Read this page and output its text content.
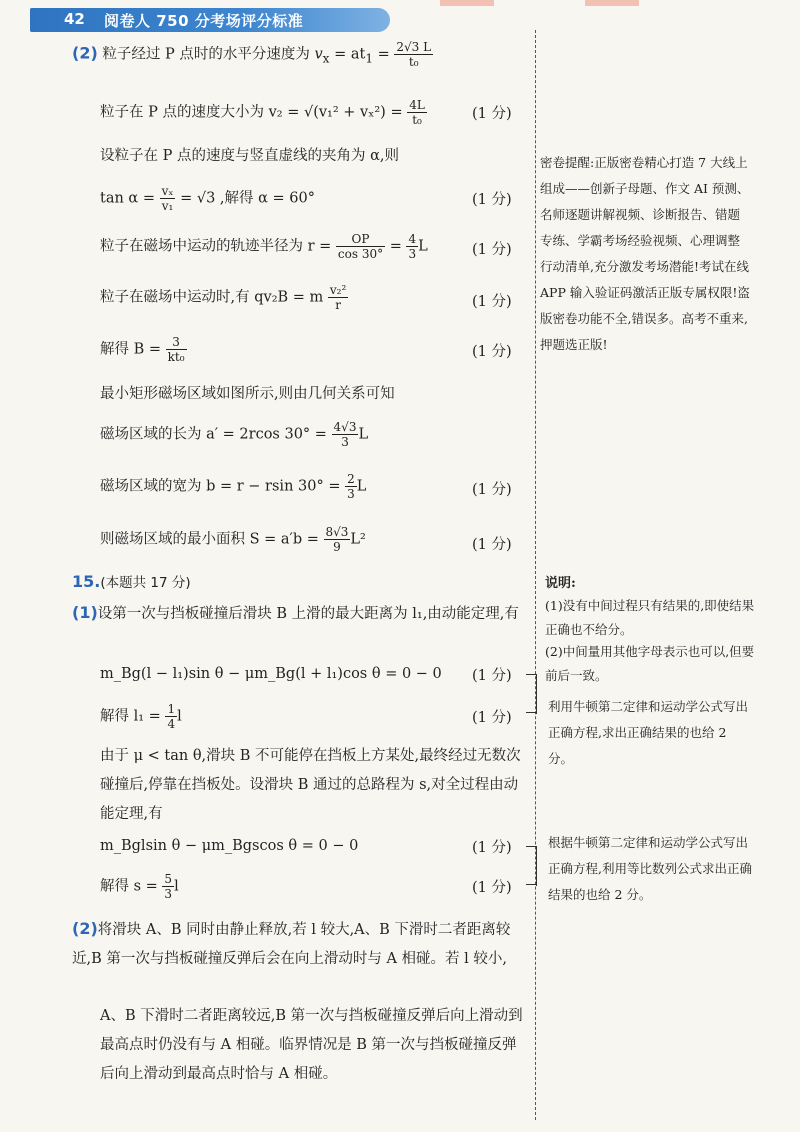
42 阅卷人 750 分考场评分标准
(2) 粒子经过 P 点时的水平分速度为 $v_x = at_1 = \frac{2√3 L}{\text{t₀}}$
粒子在 P 点的速度大小为 $v_2 = √(v_1^2 + v_x^2) = \frac{4L}{\text{t₀}}$	(1 分)
设粒子在 P 点的速度与竖直虚线的夹角为 α,则
$\tan \alpha = \frac{\text{vₓ}}{\text{v₁}} = √3$ ,解得 α = 60°	(1 分)
粒子在磁场中运动的轨迹半径为 $r = \frac{OP}{\cos 30^\circ} = \frac{4}{3}$ L	(1 分)
粒子在磁场中运动时,有 qv₂B = m $\frac{\text{v₂²}}{r}$	(1 分)
解得 $B = \frac{3}{\text{kt₀}}$	(1 分)
最小矩形磁场区域如图所示,则由几何关系可知
磁场区域的长为 a′ = 2rcos $30^\circ = \frac{4√3}{3}$ L
磁场区域的宽为 b = r − rsin $30^\circ = \frac{2}{3}$ L	(1 分)
则磁场区域的最小面积 $S = a'b = \frac{8√3}{9} L^2$	(1 分)
密卷提醒:正版密卷精心打造 7 大线上组成——创新子母题、作文 AI 预测、名师逐题讲解视频、诊断报告、错题专练、学霸考场经验视频、心理调整行动清单,充分激发考场潜能!考试在线 APP 输入验证码激活正版专属权限!盗版密卷功能不全,错误多。高考不重来,押题选正版!
15.(本题共 17 分)
(1)设第一次与挡板碰撞后滑块 B 上滑的最大距离为 l₁,由动能定理,有
m_Bg(l − l₁)sin θ − μm_Bg(l + l₁)cos θ = 0 − 0 (1 分)
解得 $l_1 = \frac{1}{4}$ l	(1 分)
由于 μ < tan θ,滑块 B 不可能停在挡板上方某处,最终经过无数次碰撞后,停靠在挡板处。设滑块 B 通过的总路程为 s,对全过程由动能定理,有
m_Bglsin θ − μm_Bgscos θ = 0 − 0	(1 分)
解得 $s = \frac{5}{3}$ l	(1 分)
(2)将滑块 A、B 同时由静止释放,若 l 较大,A、B 下滑时二者距离较近,B 第一次与挡板碰撞反弹后会在向上滑动时与 A 相碰。若 l 较小,
A、B 下滑时二者距离较远,B 第一次与挡板碰撞反弹后向上滑动到最高点时仍没有与 A 相碰。临界情况是 B 第一次与挡板碰撞反弹后向上滑动到最高点时恰与 A 相碰。
说明:
(1)没有中间过程只有结果的,即使结果正确也不给分。
(2)中间量用其他字母表示也可以,但要前后一致。
利用牛顿第二定律和运动学公式写出正确方程,求出正确结果的也给 2 分。
根据牛顿第二定律和运动学公式写出正确方程,利用等比数列公式求出正确结果的也给 2 分。
